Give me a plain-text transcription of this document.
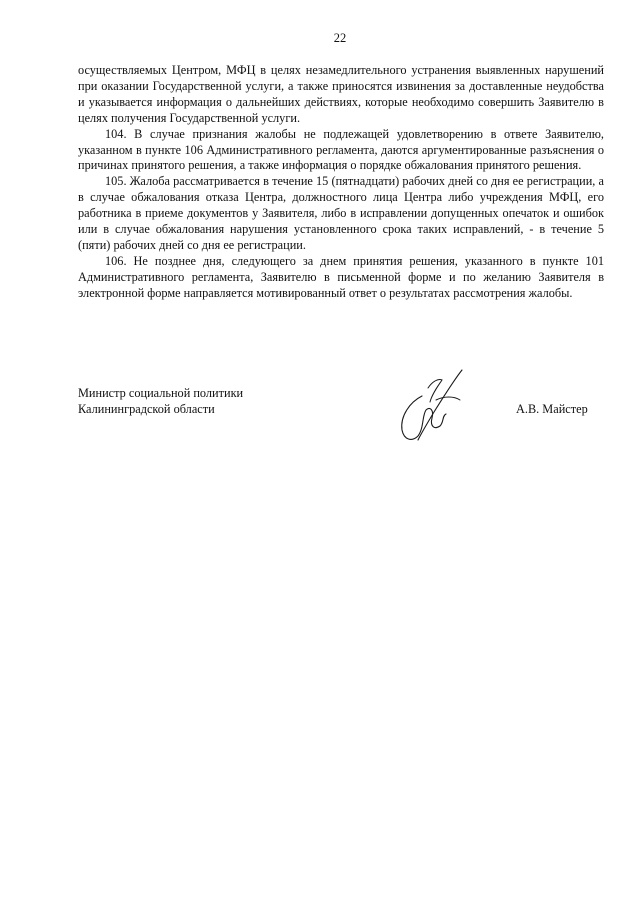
22

осуществляемых Центром, МФЦ в целях незамедлительного устранения выявленных нарушений при оказании Государственной услуги, а также приносятся извинения за доставленные неудобства и указывается информация о дальнейших действиях, которые необходимо совершить Заявителю в целях получения Государственной услуги.

104. В случае признания жалобы не подлежащей удовлетворению в ответе Заявителю, указанном в пункте 106 Административного регламента, даются аргументированные разъяснения о причинах принятого решения, а также информация о порядке обжалования принятого решения.

105. Жалоба рассматривается в течение 15 (пятнадцати) рабочих дней со дня ее регистрации, а в случае обжалования отказа Центра, должностного лица Центра либо учреждения МФЦ, его работника в приеме документов у Заявителя, либо в исправлении допущенных опечаток и ошибок или в случае обжалования нарушения установленного срока таких исправлений, - в течение 5 (пяти) рабочих дней со дня ее регистрации.

106. Не позднее дня, следующего за днем принятия решения, указанного в пункте 101 Административного регламента, Заявителю в письменной форме и по желанию Заявителя в электронной форме направляется мотивированный ответ о результатах рассмотрения жалобы.

Министр социальной политики
Калининградской области	А.В. Майстер
